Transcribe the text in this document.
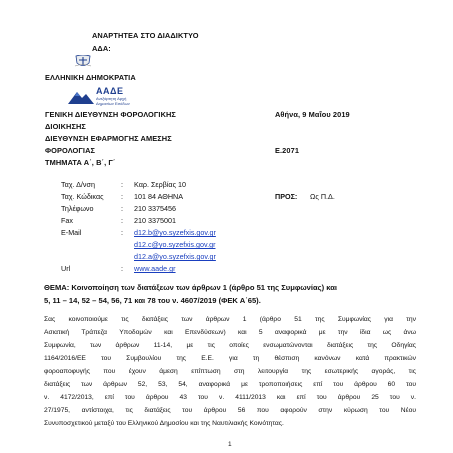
ΑΝΑΡΤΗΤΕΑ ΣΤΟ ΔΙΑΔΙΚΤΥΟ
ΑΔΑ:
ΕΛΛΗΝΙΚΗ ΔΗΜΟΚΡΑΤΙΑ
ΑΑΔΕ
Ανεξάρτητη Αρχή
Δημοσίων Εσόδων
ΓΕΝΙΚΗ ΔΙΕΥΘΥΝΣΗ ΦΟΡΟΛΟΓΙΚΗΣ
ΔΙΟΙΚΗΣΗΣ
ΔΙΕΥΘΥΝΣΗ ΕΦΑΡΜΟΓΗΣ ΑΜΕΣΗΣ
ΦΟΡΟΛΟΓΙΑΣ
ΤΜΗΜΑΤΑ Α΄, Β΄, Γ΄
Αθήνα, 9 Μαΐου 2019
Ε.2071
Ταχ. Δ/νση	: Καρ. Σερβίας 10
Ταχ. Κώδικας : 101 84 ΑΘΗΝΑ	ΠΡΟΣ: Ως Π.Δ.
Τηλέφωνο	: 210 3375456
Fax	: 210 3375001
E-Mail	: d12.b@yo.syzefxis.gov.gr
d12.c@yo.syzefxis.gov.gr
d12.a@yo.syzefxis.gov.gr
Url	: www.aade.gr
ΘΕΜΑ: Κοινοποίηση των διατάξεων των άρθρων 1 (άρθρο 51 της Συμφωνίας) και
5, 11 – 14, 52 – 54, 56, 71 και 78 του ν. 4607/2019 (ΦΕΚ Α΄65).
Σας κοινοποιούμε τις διατάξεις των άρθρων 1 (άρθρο 51 της Συμφωνίας για την
Ασιατική Τράπεζα Υποδομών και Επενδύσεων) και 5 αναφορικά με την ίδια ως άνω
Συμφωνία, των άρθρων 11-14, με τις οποίες ενσωματώνονται διατάξεις της Οδηγίας
1164/2016/ΕΕ του Συμβουλίου της Ε.Ε. για τη θέσπιση κανόνων κατά πρακτικών
φοροαποφυγής που έχουν άμεση επίπτωση στη λειτουργία της εσωτερικής αγοράς, τις
διατάξεις των άρθρων 52, 53, 54, αναφορικά με τροποποιήσεις επί του άρθρου 60 του
ν. 4172/2013, επί του άρθρου 43 του ν. 4111/2013 και επί του άρθρου 25 του ν.
27/1975, αντίστοιχα, τις διατάξεις του άρθρου 56 που αφορούν στην κύρωση του Νέου
Συνυποσχετικού μεταξύ του Ελληνικού Δημοσίου και της Ναυτιλιακής Κοινότητας.
1
